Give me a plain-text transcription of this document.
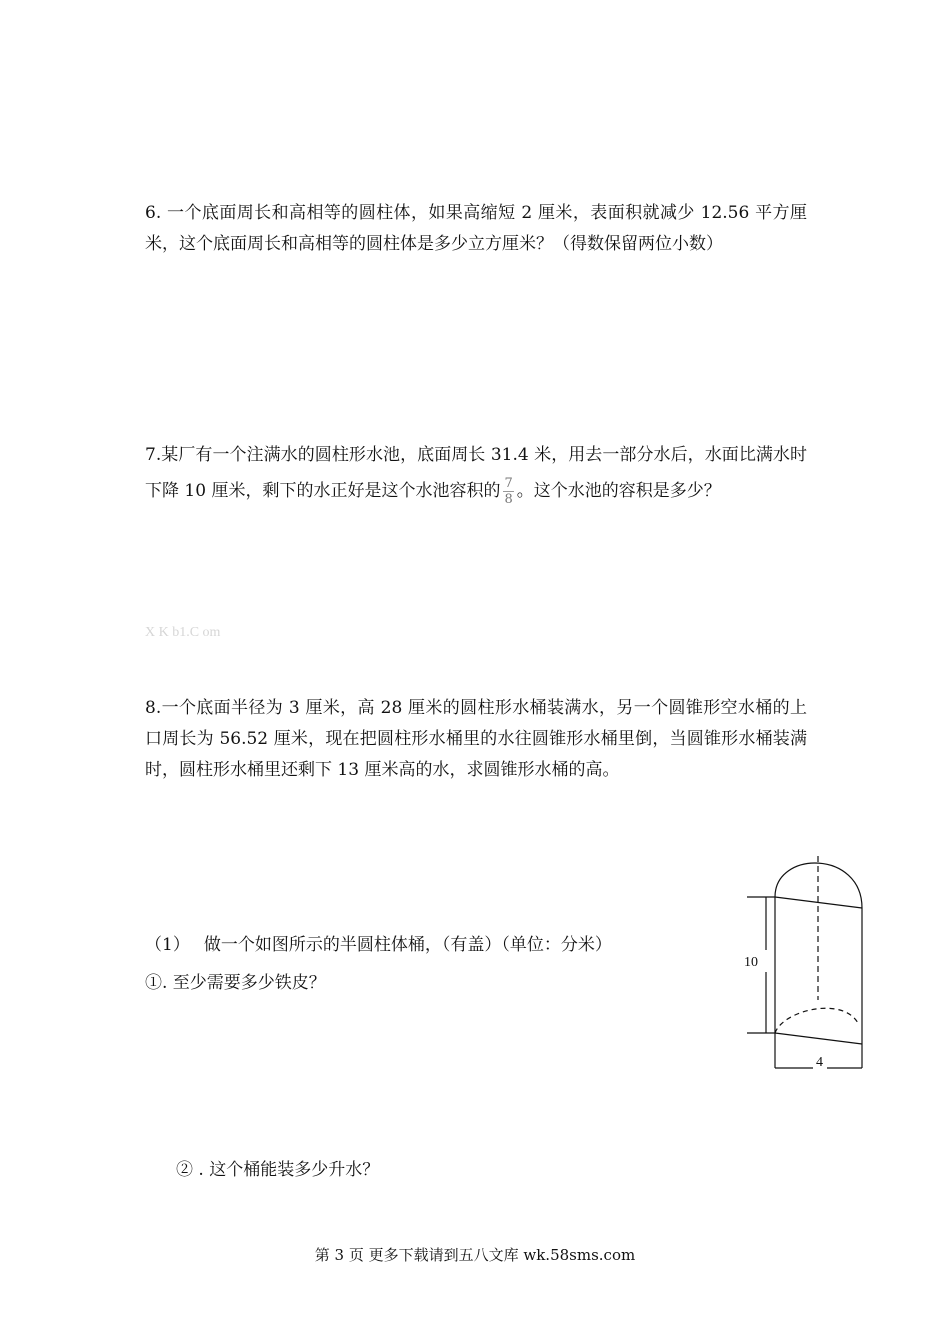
6. 一个底面周长和高相等的圆柱体，如果高缩短 2 厘米，表面积就减少 12.56 平方厘米，这个底面周长和高相等的圆柱体是多少立方厘米？（得数保留两位小数）

7.某厂有一个注满水的圆柱形水池，底面周长 31.4 米，用去一部分水后，水面比满水时下降 10 厘米，剩下的水正好是这个水池容积的 $\frac{7}{8}$ 。这个水池的容积是多少？

X K b1.C om

8.一个底面半径为 3 厘米，高 28 厘米的圆柱形水桶装满水，另一个圆锥形空水桶的上口周长为 56.52 厘米，现在把圆柱形水桶里的水往圆锥形水桶里倒，当圆锥形水桶装满时，圆柱形水桶里还剩下 13 厘米高的水，求圆锥形水桶的高。

（1） 做一个如图所示的半圆柱体桶，（有盖）（单位：分米）
①. 至少需要多少铁皮？
② . 这个桶能装多少升水？
10
4
第 3 页 更多下载请到五八文库 wk.58sms.com
